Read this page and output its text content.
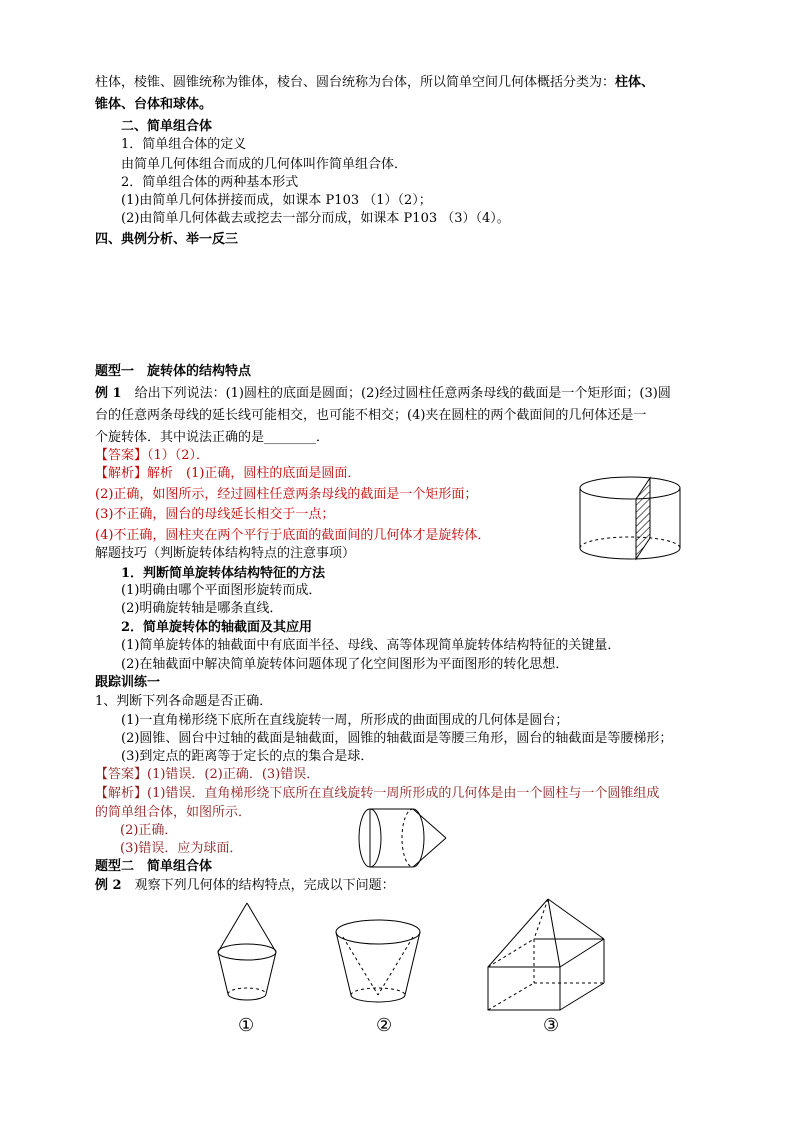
柱体，棱锥、圆锥统称为锥体，棱台、圆台统称为台体，所以简单空间几何体概括分类为：柱体、
锥体、台体和球体。
二、简单组合体
1．简单组合体的定义
由简单几何体组合而成的几何体叫作简单组合体．
2．简单组合体的两种基本形式
(1)由简单几何体拼接而成，如课本 P103 （1）（2）；
(2)由简单几何体截去或挖去一部分而成，如课本 P103 （3）（4）。
四、典例分析、举一反三
题型一　旋转体的结构特点
例 1　给出下列说法：(1)圆柱的底面是圆面；(2)经过圆柱任意两条母线的截面是一个矩形面；(3)圆
台的任意两条母线的延长线可能相交，也可能不相交；(4)夹在圆柱的两个截面间的几何体还是一
个旋转体．其中说法正确的是________．
【答案】（1）（2）．
【解析】解析　(1)正确，圆柱的底面是圆面．
(2)正确，如图所示，经过圆柱任意两条母线的截面是一个矩形面；
(3)不正确，圆台的母线延长相交于一点；
(4)不正确，圆柱夹在两个平行于底面的截面间的几何体才是旋转体．
解题技巧（判断旋转体结构特点的注意事项）
1．判断简单旋转体结构特征的方法
(1)明确由哪个平面图形旋转而成．
(2)明确旋转轴是哪条直线．
2．简单旋转体的轴截面及其应用
(1)简单旋转体的轴截面中有底面半径、母线、高等体现简单旋转体结构特征的关键量．
(2)在轴截面中解决简单旋转体问题体现了化空间图形为平面图形的转化思想．
跟踪训练一
1、判断下列各命题是否正确．
(1)一直角梯形绕下底所在直线旋转一周，所形成的曲面围成的几何体是圆台；
(2)圆锥、圆台中过轴的截面是轴截面，圆锥的轴截面是等腰三角形，圆台的轴截面是等腰梯形；
(3)到定点的距离等于定长的点的集合是球．
【答案】(1)错误．(2)正确．(3)错误．
【解析】(1)错误．直角梯形绕下底所在直线旋转一周所形成的几何体是由一个圆柱与一个圆锥组成
的简单组合体，如图所示．
(2)正确．
(3)错误．应为球面．
题型二　简单组合体
例 2　观察下列几何体的结构特点，完成以下问题：
①	②	③
